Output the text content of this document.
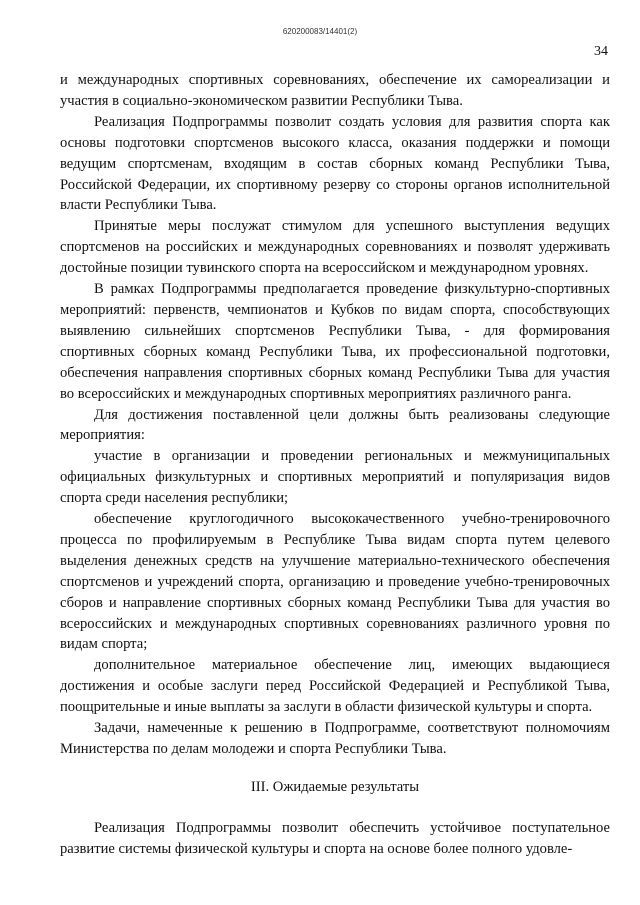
620200083/14401(2)
34

и международных спортивных соревнованиях, обеспечение их самореализации и участия в социально-экономическом развитии Республики Тыва.

Реализация Подпрограммы позволит создать условия для развития спорта как основы подготовки спортсменов высокого класса, оказания поддержки и помощи ведущим спортсменам, входящим в состав сборных команд Республики Тыва, Российской Федерации, их спортивному резерву со стороны органов исполнительной власти Республики Тыва.

Принятые меры послужат стимулом для успешного выступления ведущих спортсменов на российских и международных соревнованиях и позволят удерживать достойные позиции тувинского спорта на всероссийском и международном уровнях.

В рамках Подпрограммы предполагается проведение физкультурно-спортивных мероприятий: первенств, чемпионатов и Кубков по видам спорта, способствующих выявлению сильнейших спортсменов Республики Тыва, - для формирования спортивных сборных команд Республики Тыва, их профессиональной подготовки, обеспечения направления спортивных сборных команд Республики Тыва для участия во всероссийских и международных спортивных мероприятиях различного ранга.

Для достижения поставленной цели должны быть реализованы следующие мероприятия:

участие в организации и проведении региональных и межмуниципальных официальных физкультурных и спортивных мероприятий и популяризация видов спорта среди населения республики;

обеспечение круглогодичного высококачественного учебно-тренировочного процесса по профилируемым в Республике Тыва видам спорта путем целевого выделения денежных средств на улучшение материально-технического обеспечения спортсменов и учреждений спорта, организацию и проведение учебно-тренировочных сборов и направление спортивных сборных команд Республики Тыва для участия во всероссийских и международных спортивных соревнованиях различного уровня по видам спорта;

дополнительное материальное обеспечение лиц, имеющих выдающиеся достижения и особые заслуги перед Российской Федерацией и Республикой Тыва, поощрительные и иные выплаты за заслуги в области физической культуры и спорта.

Задачи, намеченные к решению в Подпрограмме, соответствуют полномочиям Министерства по делам молодежи и спорта Республики Тыва.

III. Ожидаемые результаты

Реализация Подпрограммы позволит обеспечить устойчивое поступательное развитие системы физической культуры и спорта на основе более полного удовле-
